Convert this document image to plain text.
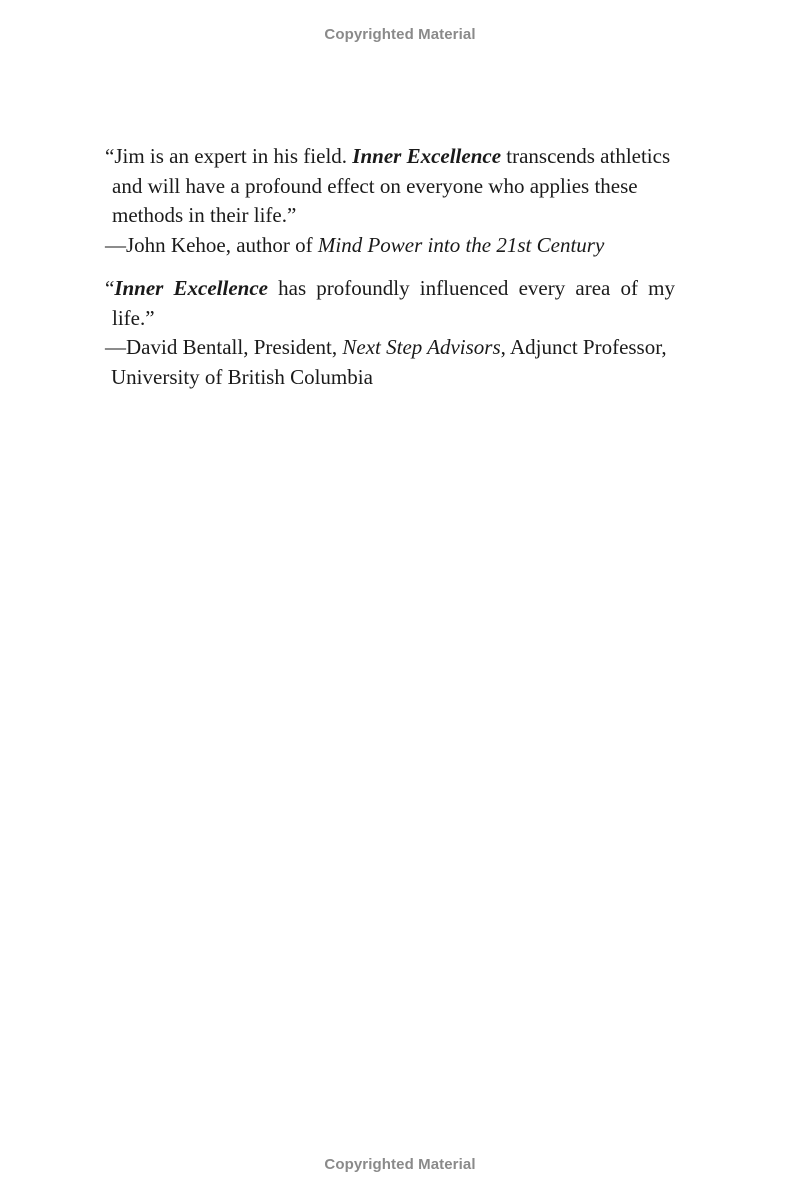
Copyrighted Material

“Jim is an expert in his field. Inner Excellence transcends athletics and will have a profound effect on everyone who applies these methods in their life.”

—John Kehoe, author of Mind Power into the 21st Century

“Inner Excellence has profoundly influenced every area of my life.”

—David Bentall, President, Next Step Advisors, Adjunct Professor, University of British Columbia

Copyrighted Material
